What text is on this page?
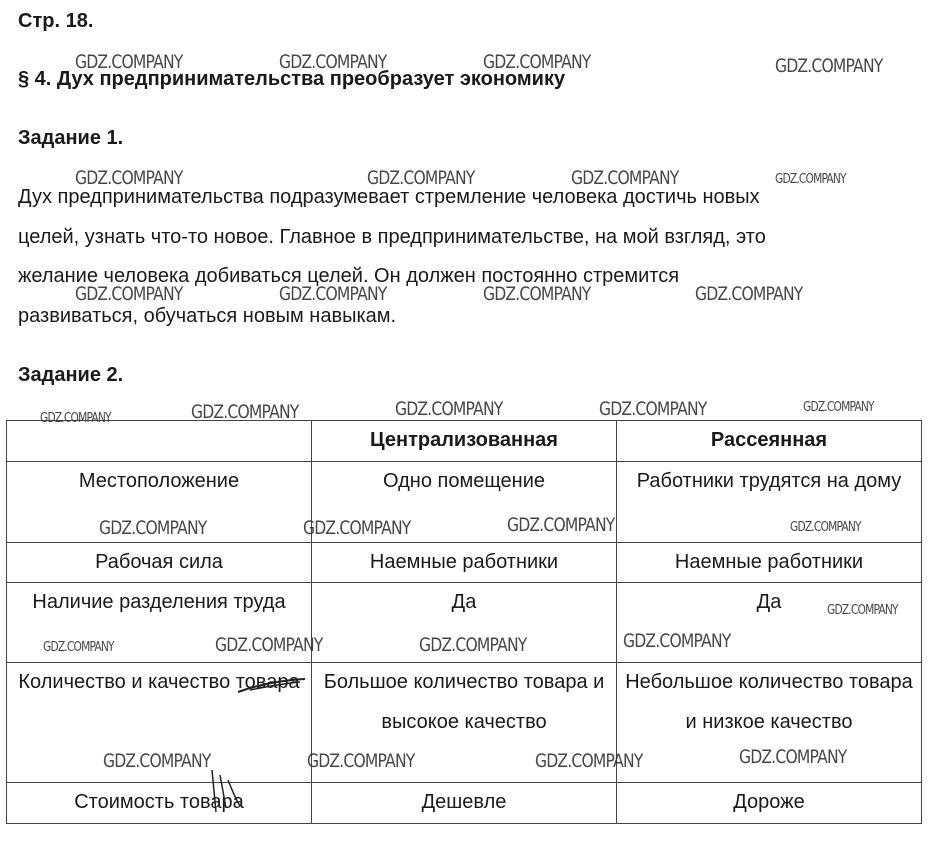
Стр. 18.
§ 4. Дух предпринимательства преобразует экономику
Задание 1.
Дух предпринимательства подразумевает стремление человека достичь новых
целей, узнать что-то новое. Главное в предпринимательстве, на мой взгляд, это
желание человека добиваться целей. Он должен постоянно стремится
развиваться, обучаться новым навыкам.
Задание 2.
	Централизованная	Рассеянная
Местоположение	Одно помещение	Работники трудятся на дому
Рабочая сила	Наемные работники	Наемные работники
Наличие разделения труда	Да	Да
Количество и качество товара	Большое количество товара и высокое качество	Небольшое количество товара и низкое качество
Стоимость товара	Дешевле	Дороже
GDZ.COMPANY	GDZ.COMPANY	GDZ.COMPANY	GDZ.COMPANY
GDZ.COMPANY	GDZ.COMPANY	GDZ.COMPANY	GDZ.COMPANY
GDZ.COMPANY	GDZ.COMPANY	GDZ.COMPANY	GDZ.COMPANY
GDZ.COMPANY	GDZ.COMPANY	GDZ.COMPANY	GDZ.COMPANY	GDZ.COMPANY
GDZ.COMPANY	GDZ.COMPANY	GDZ.COMPANY	GDZ.COMPANY
GDZ.COMPANY	GDZ.COMPANY	GDZ.COMPANY	GDZ.COMPANY
GDZ.COMPANY
GDZ.COMPANY	GDZ.COMPANY	GDZ.COMPANY	GDZ.COMPANY
